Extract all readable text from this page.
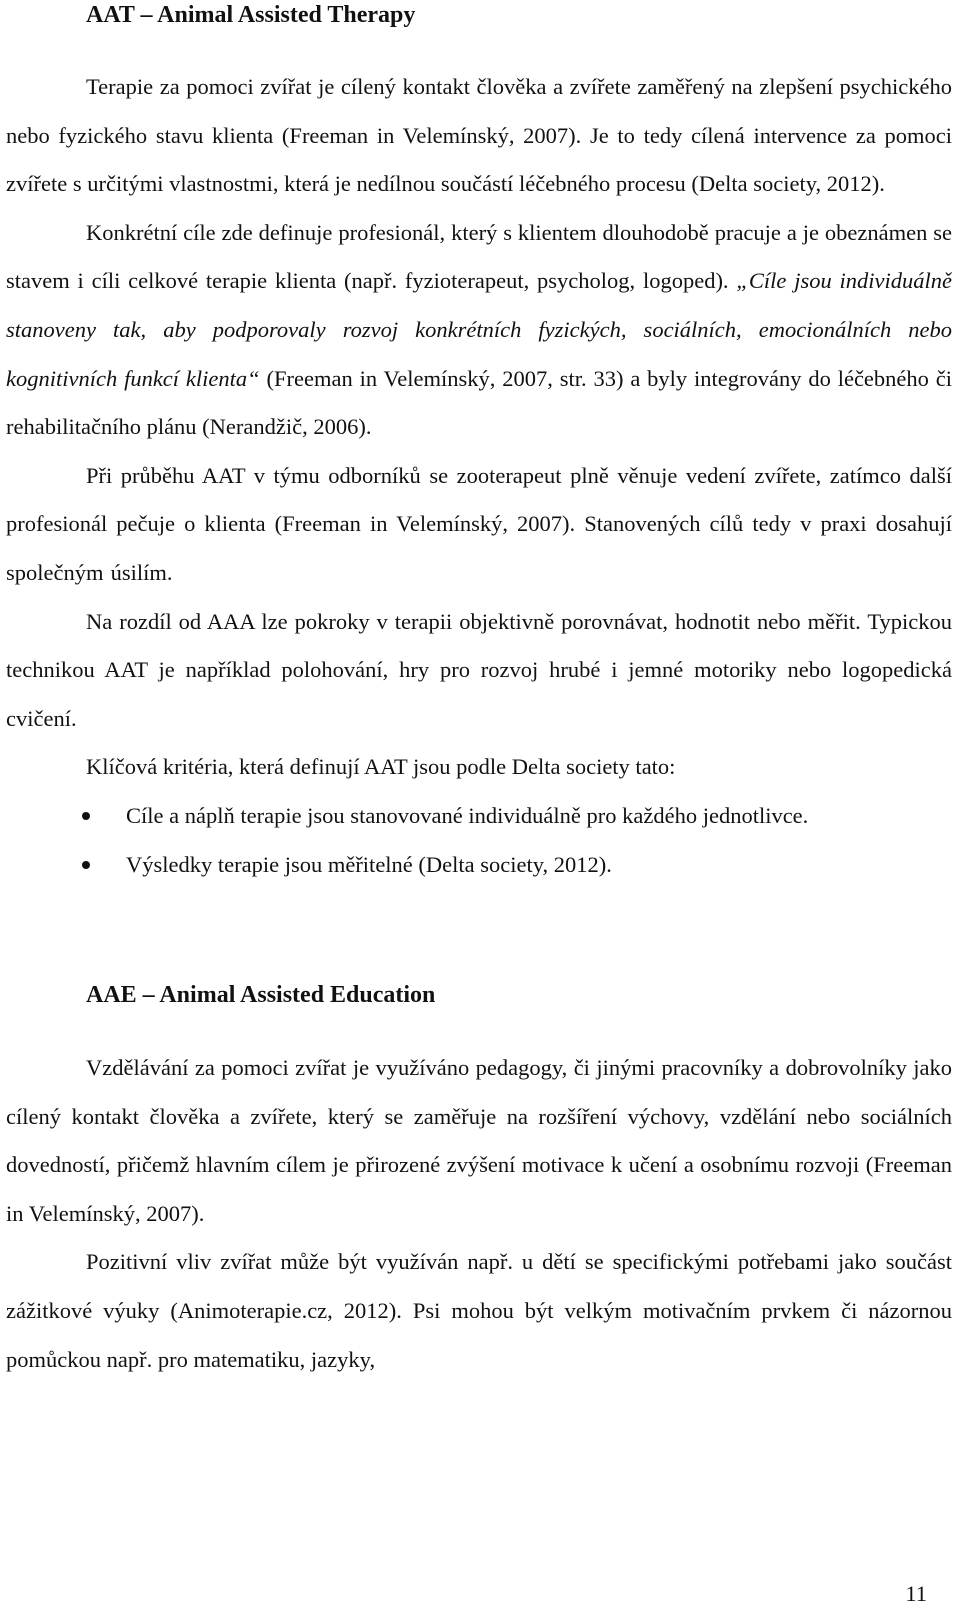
AAT – Animal Assisted Therapy

Terapie za pomoci zvířat je cílený kontakt člověka a zvířete zaměřený na zlepšení psychického nebo fyzického stavu klienta (Freeman in Velemínský, 2007). Je to tedy cílená intervence za pomoci zvířete s určitými vlastnostmi, která je nedílnou součástí léčebného procesu (Delta society, 2012).

Konkrétní cíle zde definuje profesionál, který s klientem dlouhodobě pracuje a je obeznámen se stavem i cíli celkové terapie klienta (např. fyzioterapeut, psycholog, logoped). „Cíle jsou individuálně stanoveny tak, aby podporovaly rozvoj konkrétních fyzických, sociálních, emocionálních nebo kognitivních funkcí klienta“ (Freeman in Velemínský, 2007, str. 33) a byly integrovány do léčebného či rehabilitačního plánu (Nerandžič, 2006).

Při průběhu AAT v týmu odborníků se zooterapeut plně věnuje vedení zvířete, zatímco další profesionál pečuje o klienta (Freeman in Velemínský, 2007). Stanovených cílů tedy v praxi dosahují společným úsilím.

Na rozdíl od AAA lze pokroky v terapii objektivně porovnávat, hodnotit nebo měřit. Typickou technikou AAT je například polohování, hry pro rozvoj hrubé i jemné motoriky nebo logopedická cvičení.

Klíčová kritéria, která definují AAT jsou podle Delta society tato:

Cíle a náplň terapie jsou stanovované individuálně pro každého jednotlivce.
Výsledky terapie jsou měřitelné (Delta society, 2012).
AAE – Animal Assisted Education

Vzdělávání za pomoci zvířat je využíváno pedagogy, či jinými pracovníky a dobrovolníky jako cílený kontakt člověka a zvířete, který se zaměřuje na rozšíření výchovy, vzdělání nebo sociálních dovedností, přičemž hlavním cílem je přirozené zvýšení motivace k učení a osobnímu rozvoji (Freeman in Velemínský, 2007).

Pozitivní vliv zvířat může být využíván např. u dětí se specifickými potřebami jako součást zážitkové výuky (Animoterapie.cz, 2012). Psi mohou být velkým motivačním prvkem či názornou pomůckou např. pro matematiku, jazyky,

11
